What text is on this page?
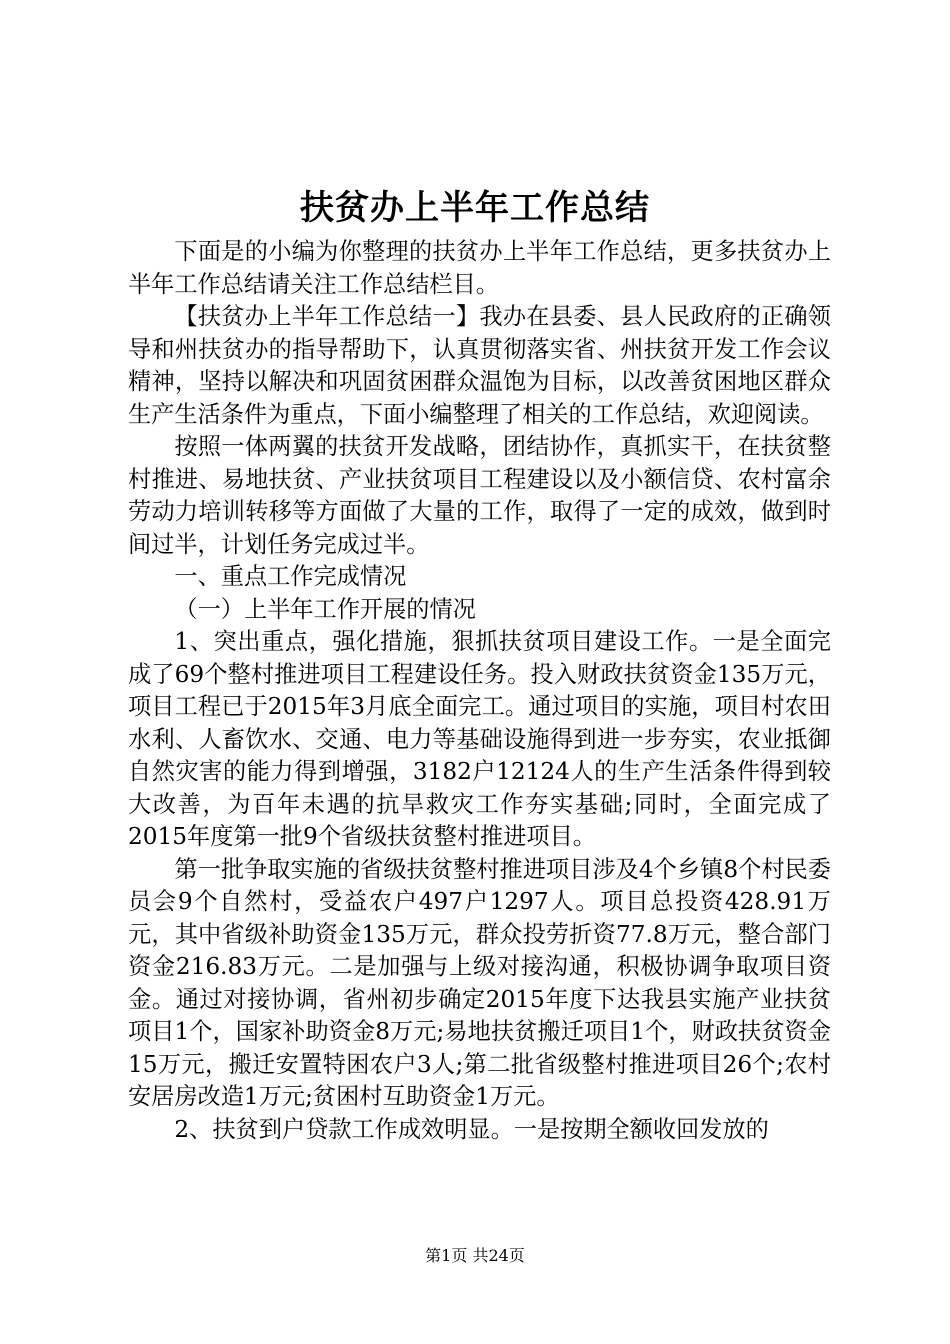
扶贫办上半年工作总结

下面是的小编为你整理的扶贫办上半年工作总结，更多扶贫办上半年工作总结请关注工作总结栏目。

【扶贫办上半年工作总结一】我办在县委、县人民政府的正确领导和州扶贫办的指导帮助下，认真贯彻落实省、州扶贫开发工作会议精神，坚持以解决和巩固贫困群众温饱为目标，以改善贫困地区群众生产生活条件为重点，下面小编整理了相关的工作总结，欢迎阅读。

按照一体两翼的扶贫开发战略，团结协作，真抓实干，在扶贫整村推进、易地扶贫、产业扶贫项目工程建设以及小额信贷、农村富余劳动力培训转移等方面做了大量的工作，取得了一定的成效，做到时间过半，计划任务完成过半。

一、重点工作完成情况

（一）上半年工作开展的情况

1、突出重点，强化措施，狠抓扶贫项目建设工作。一是全面完成了69个整村推进项目工程建设任务。投入财政扶贫资金135万元，项目工程已于2015年3月底全面完工。通过项目的实施，项目村农田水利、人畜饮水、交通、电力等基础设施得到进一步夯实，农业抵御自然灾害的能力得到增强，3182户12124人的生产生活条件得到较大改善，为百年未遇的抗旱救灾工作夯实基础;同时，全面完成了2015年度第一批9个省级扶贫整村推进项目。

第一批争取实施的省级扶贫整村推进项目涉及4个乡镇8个村民委员会9个自然村，受益农户497户1297人。项目总投资428.91万元，其中省级补助资金135万元，群众投劳折资77.8万元，整合部门资金216.83万元。二是加强与上级对接沟通，积极协调争取项目资金。通过对接协调，省州初步确定2015年度下达我县实施产业扶贫项目1个，国家补助资金8万元;易地扶贫搬迁项目1个，财政扶贫资金15万元，搬迁安置特困农户3人;第二批省级整村推进项目26个;农村安居房改造1万元;贫困村互助资金1万元。

2、扶贫到户贷款工作成效明显。一是按期全额收回发放的

第1页 共24页
